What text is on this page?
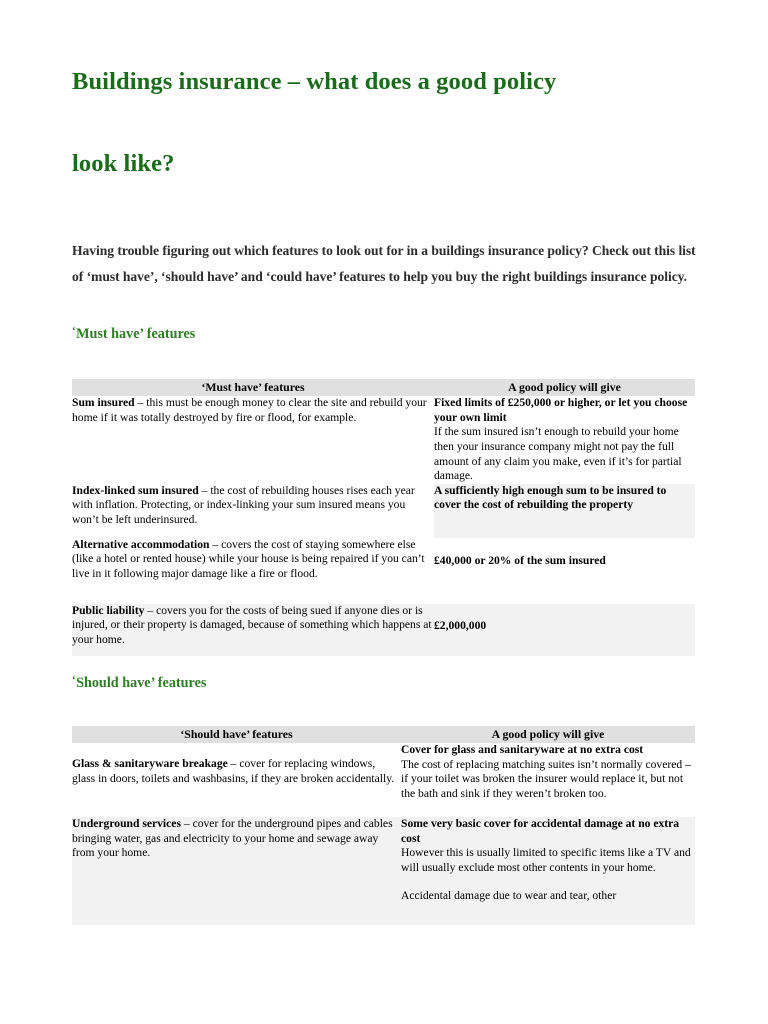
Buildings insurance – what does a good policy
look like?
Having trouble figuring out which features to look out for in a buildings insurance policy? Check out this list of ‘must have’, ‘should have’ and ‘could have’ features to help you buy the right buildings insurance policy.
‘Must have’ features
‘Must have’ features	A good policy will give
Sum insured – this must be enough money to clear the site and rebuild your home if it was totally destroyed by fire or flood, for example.	Fixed limits of £250,000 or higher, or let you choose your own limit
If the sum insured isn’t enough to rebuild your home then your insurance company might not pay the full amount of any claim you make, even if it’s for partial damage.

Index-linked sum insured – the cost of rebuilding houses rises each year with inflation. Protecting, or index-linking your sum insured means you won’t be left underinsured.	A sufficiently high enough sum to be insured to cover the cost of rebuilding the property

Alternative accommodation – covers the cost of staying somewhere else (like a hotel or rented house) while your house is being repaired if you can’t live in it following major damage like a fire or flood.	£40,000 or 20% of the sum insured

Public liability – covers you for the costs of being sued if anyone dies or is injured, or their property is damaged, because of something which happens at your home.	£2,000,000
‘Should have’ features
‘Should have’ features	A good policy will give
Glass & sanitaryware breakage – cover for replacing windows, glass in doors, toilets and washbasins, if they are broken accidentally.	Cover for glass and sanitaryware at no extra cost
The cost of replacing matching suites isn’t normally covered – if your toilet was broken the insurer would replace it, but not the bath and sink if they weren’t broken too.

Underground services – cover for the underground pipes and cables bringing water, gas and electricity to your home and sewage away from your home.	Some very basic cover for accidental damage at no extra cost
However this is usually limited to specific items like a TV and will usually exclude most other contents in your home.
Accidental damage due to wear and tear, other
